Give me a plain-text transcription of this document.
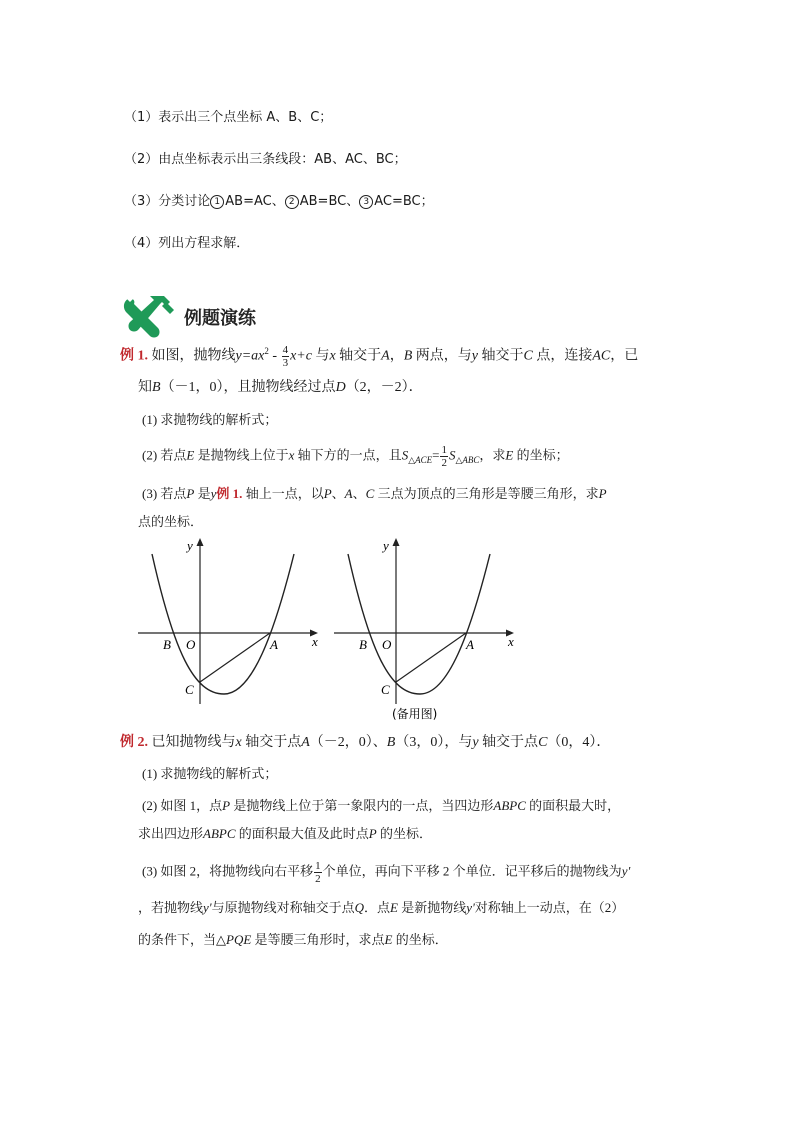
（1）表示出三个点坐标 A、B、C；
（2）由点坐标表示出三条线段：AB、AC、BC；
（3）分类讨论 1 AB=AC、 2 AB=BC、 3 AC=BC；
（4）列出方程求解．
例题演练
例 1. 如图，抛物线$y=ax^2 - \frac{4}{3} x+c$ 与x 轴交于A，B 两点，与y 轴交于C 点，连接AC，已
知B（－1，0），且抛物线经过点D（2，－2）．
(1) 求抛物线的解析式；
(2) 若点E 是抛物线上位于x 轴下方的一点，且$S_{\triangle ACE}= \frac{1}{2} S_{\triangle ABC}$，求E 的坐标；
(3) 若点P 是y例 1. 轴上一点，以P、A、C 三点为顶点的三角形是等腰三角形，求P
点的坐标．
y
x
B O	A
C
y
x
B O	A
C
(备用图)
例 2. 已知抛物线与x 轴交于点A（－2，0）、B（3，0），与y 轴交于点C（0，4）．
(1) 求抛物线的解析式；
(2) 如图 1，点P 是抛物线上位于第一象限内的一点，当四边形ABPC 的面积最大时，
求出四边形ABPC 的面积最大值及此时点P 的坐标．
(3) 如图 2，将抛物线向右平移 $\frac{1}{2}$ 个单位，再向下平移 2 个单位．记平移后的抛物线为y'
，若抛物线y'与原抛物线对称轴交于点Q．点E 是新抛物线y'对称轴上一动点，在（2）
的条件下，当△PQE 是等腰三角形时，求点E 的坐标．
